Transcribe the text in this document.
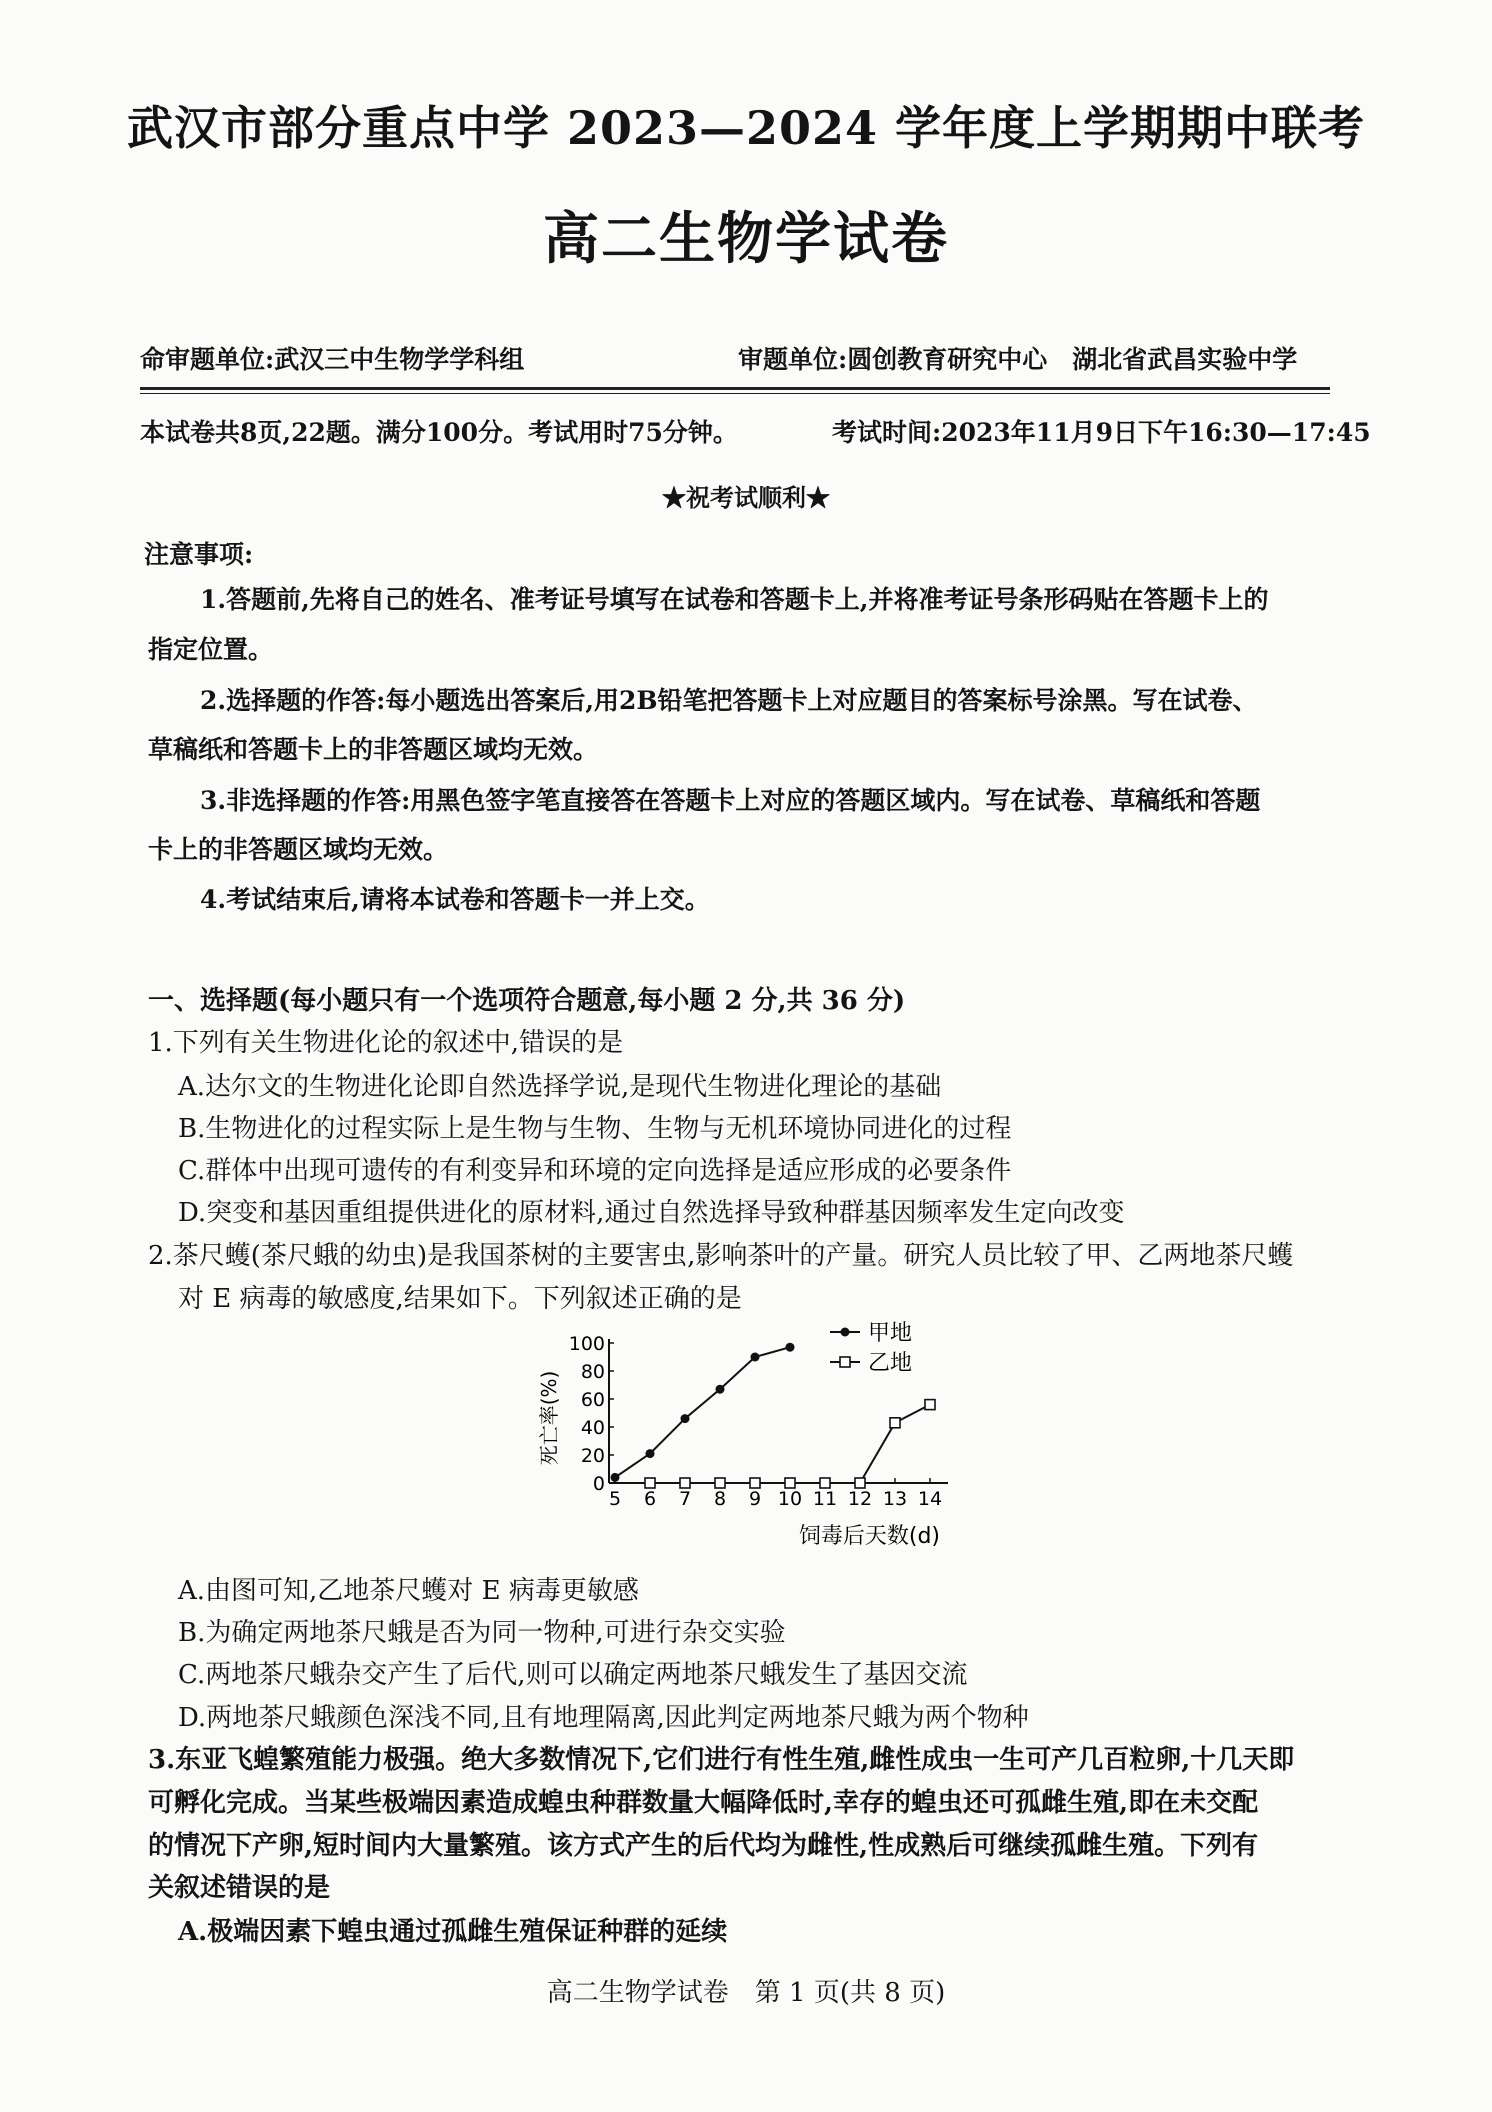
武汉市部分重点中学 2023—2024 学年度上学期期中联考
高二生物学试卷
命审题单位:武汉三中生物学学科组	审题单位:圆创教育研究中心　湖北省武昌实验中学
本试卷共8页,22题。满分100分。考试用时75分钟。	考试时间:2023年11月9日下午16:30—17:45
★祝考试顺利★
注意事项:
1.答题前,先将自己的姓名、准考证号填写在试卷和答题卡上,并将准考证号条形码贴在答题卡上的
指定位置。
2.选择题的作答:每小题选出答案后,用2B铅笔把答题卡上对应题目的答案标号涂黑。写在试卷、
草稿纸和答题卡上的非答题区域均无效。
3.非选择题的作答:用黑色签字笔直接答在答题卡上对应的答题区域内。写在试卷、草稿纸和答题
卡上的非答题区域均无效。
4.考试结束后,请将本试卷和答题卡一并上交。
一、选择题(每小题只有一个选项符合题意,每小题 2 分,共 36 分)
1.下列有关生物进化论的叙述中,错误的是
A.达尔文的生物进化论即自然选择学说,是现代生物进化理论的基础
B.生物进化的过程实际上是生物与生物、生物与无机环境协同进化的过程
C.群体中出现可遗传的有利变异和环境的定向选择是适应形成的必要条件
D.突变和基因重组提供进化的原材料,通过自然选择导致种群基因频率发生定向改变
2.茶尺蠖(茶尺蛾的幼虫)是我国茶树的主要害虫,影响茶叶的产量。研究人员比较了甲、乙两地茶尺蠖
对 E 病毒的敏感度,结果如下。下列叙述正确的是
0
20
40
60
80
100
5 6 7 8 9 10 11 12 13 14
甲地
乙地
饲毒后天数(d)
死亡率(%)
A.由图可知,乙地茶尺蠖对 E 病毒更敏感
B.为确定两地茶尺蛾是否为同一物种,可进行杂交实验
C.两地茶尺蛾杂交产生了后代,则可以确定两地茶尺蛾发生了基因交流
D.两地茶尺蛾颜色深浅不同,且有地理隔离,因此判定两地茶尺蛾为两个物种
3.东亚飞蝗繁殖能力极强。绝大多数情况下,它们进行有性生殖,雌性成虫一生可产几百粒卵,十几天即
可孵化完成。当某些极端因素造成蝗虫种群数量大幅降低时,幸存的蝗虫还可孤雌生殖,即在未交配
的情况下产卵,短时间内大量繁殖。该方式产生的后代均为雌性,性成熟后可继续孤雌生殖。下列有
关叙述错误的是
A.极端因素下蝗虫通过孤雌生殖保证种群的延续
高二生物学试卷　第 1 页(共 8 页)
